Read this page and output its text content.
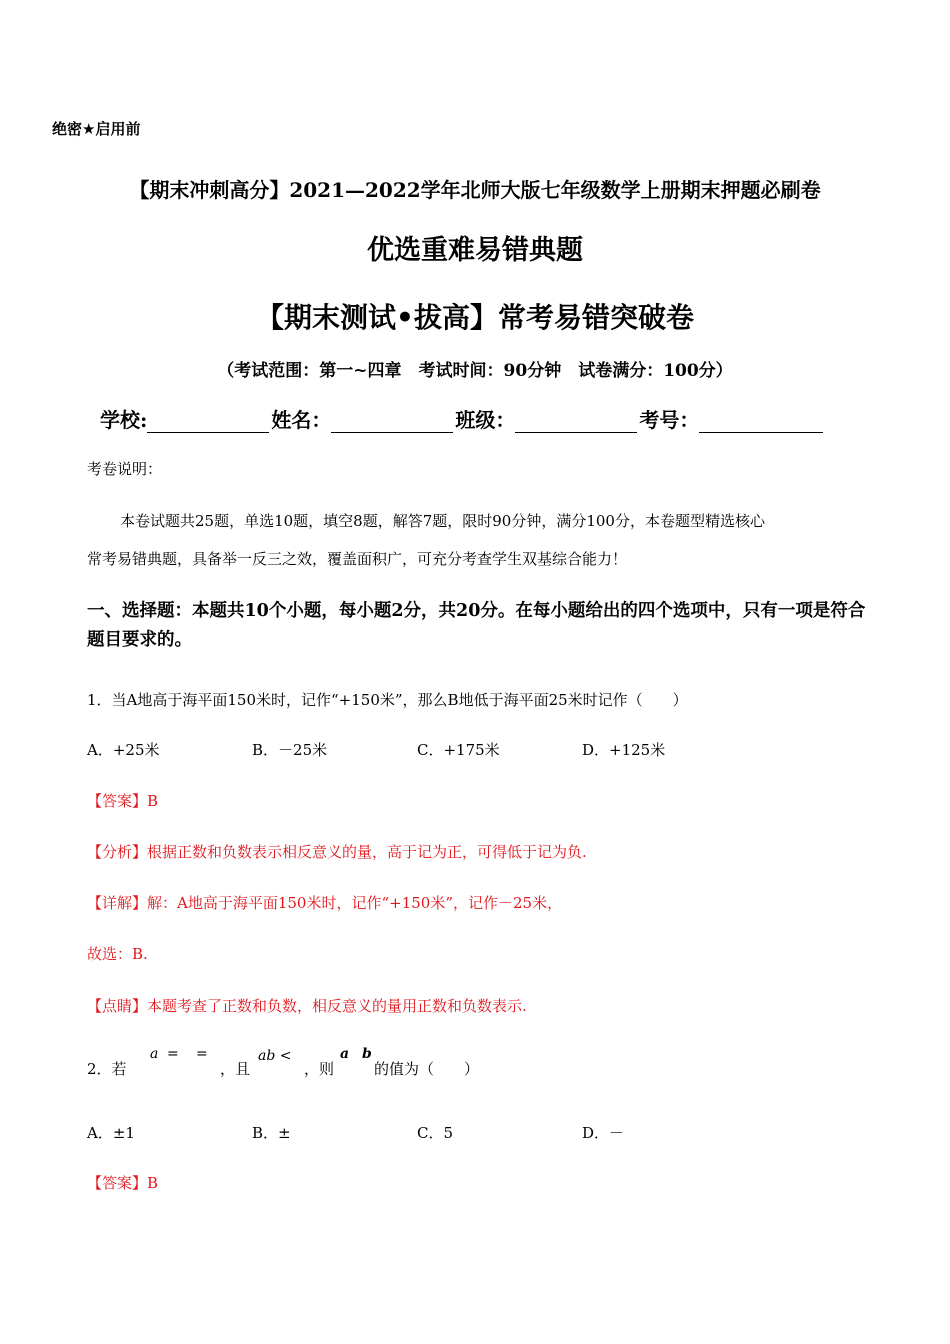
绝密★启用前
【期末冲刺高分】2021—2022学年北师大版七年级数学上册期末押题必刷卷
优选重难易错典题
【期末测试•拔高】常考易错突破卷
（考试范围：第一~四章　考试时间：90分钟　试卷满分：100分）
学校:	姓名：	班级：	考号：
考卷说明：
本卷试题共25题，单选10题，填空8题，解答7题，限时90分钟，满分100分，本卷题型精选核心
常考易错典题，具备举一反三之效，覆盖面积广，可充分考查学生双基综合能力！
一、选择题：本题共10个小题，每小题2分，共20分。在每小题给出的四个选项中，只有一项是符合题目要求的。
1．当A地高于海平面150米时，记作“+150米”，那么B地低于海平面25米时记作（　　）
A．+25米	B．－25米	C．+175米	D．+125米
【答案】B
【分析】根据正数和负数表示相反意义的量，高于记为正，可得低于记为负.
【详解】解：A地高于海平面150米时，记作“+150米”，记作－25米，
故选：B.
【点睛】本题考查了正数和负数，相反意义的量用正数和负数表示.
2．若
a = =
，且
ab <
，则
a b
的值为（　　）
A．±1	B．±	C．5	D．－
【答案】B
